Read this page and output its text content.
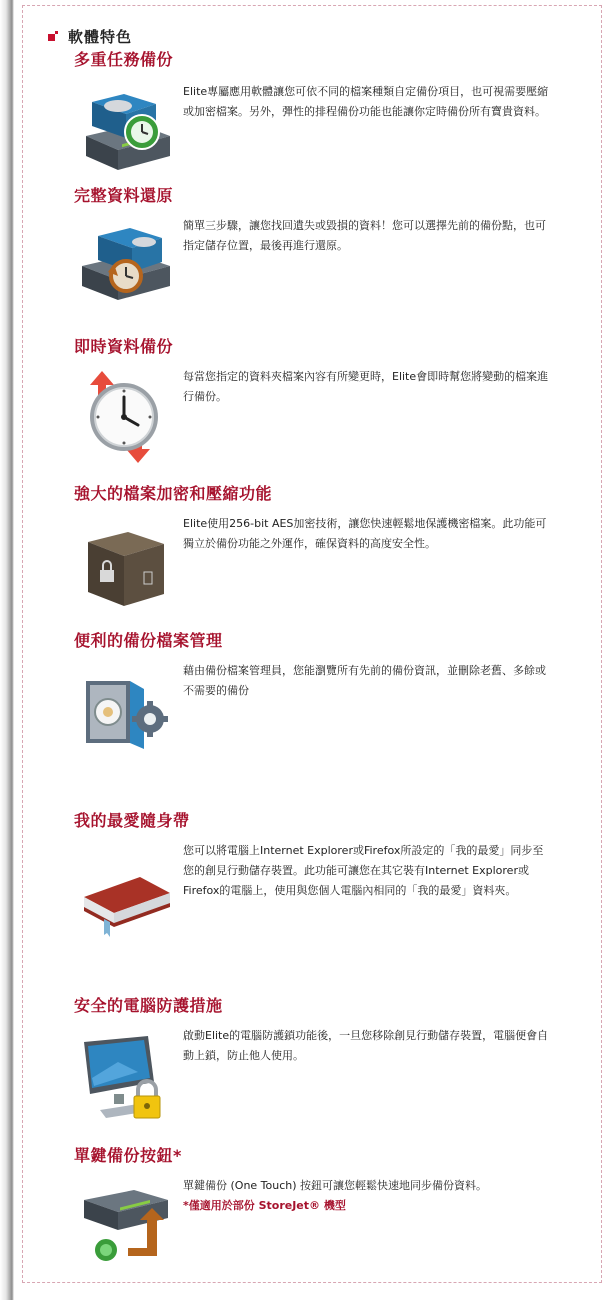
軟體特色
多重任務備份
Elite專屬應用軟體讓您可依不同的檔案種類自定備份項目，也可視需要壓縮或加密檔案。另外，彈性的排程備份功能也能讓你定時備份所有寶貴資料。
完整資料還原
簡單三步驟，讓您找回遺失或毀損的資料！您可以選擇先前的備份點，也可指定儲存位置，最後再進行還原。
即時資料備份
每當您指定的資料夾檔案內容有所變更時，Elite會即時幫您將變動的檔案進行備份。
強大的檔案加密和壓縮功能
Elite使用256-bit AES加密技術，讓您快速輕鬆地保護機密檔案。此功能可獨立於備份功能之外運作，確保資料的高度安全性。
便利的備份檔案管理
藉由備份檔案管理員，您能瀏覽所有先前的備份資訊，並刪除老舊、多餘或不需要的備份
我的最愛隨身帶
您可以將電腦上Internet Explorer或Firefox所設定的「我的最愛」同步至您的創見行動儲存裝置。此功能可讓您在其它裝有Internet Explorer或Firefox的電腦上，使用與您個人電腦內相同的「我的最愛」資料夾。
安全的電腦防護措施
啟動Elite的電腦防護鎖功能後，一旦您移除創見行動儲存裝置，電腦便會自動上鎖，防止他人使用。
單鍵備份按鈕*
單鍵備份 (One Touch) 按鈕可讓您輕鬆快速地同步備份資料。
*僅適用於部份 StoreJet® 機型
